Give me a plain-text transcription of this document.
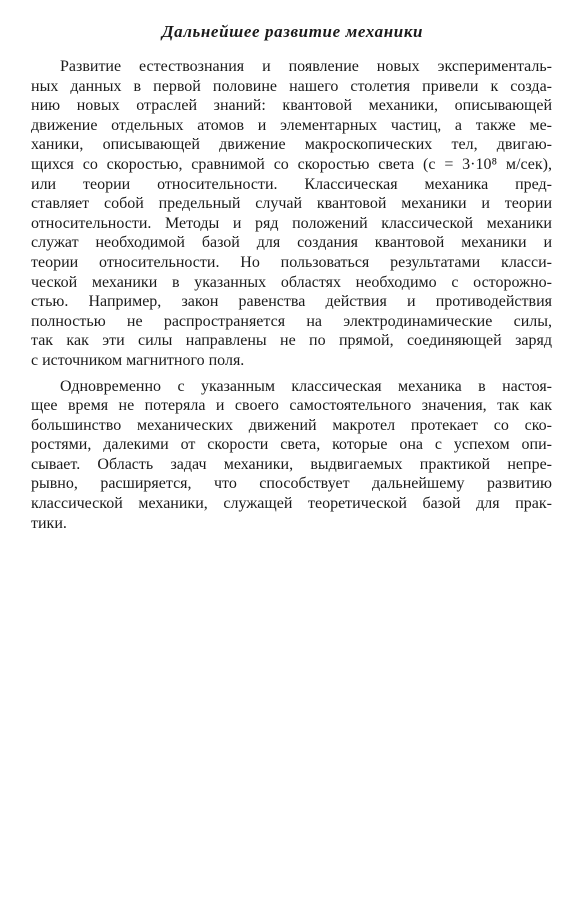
Дальнейшее развитие механики
Развитие естествознания и появление новых эксперименталь-
ных данных в первой половине нашего столетия привели к созда-
нию новых отраслей знаний: квантовой механики, описывающей
движение отдельных атомов и элементарных частиц, а также ме-
ханики, описывающей движение макроскопических тел, двигаю-
щихся со скоростью, сравнимой со скоростью света (c = 3·10⁸ м/сек),
или теории относительности. Классическая механика пред-
ставляет собой предельный случай квантовой механики и теории
относительности. Методы и ряд положений классической механики
служат необходимой базой для создания квантовой механики и
теории относительности. Но пользоваться результатами класси-
ческой механики в указанных областях необходимо с осторожно-
стью. Например, закон равенства действия и противодействия
полностью не распространяется на электродинамические силы,
так как эти силы направлены не по прямой, соединяющей заряд
с источником магнитного поля.
Одновременно с указанным классическая механика в настоя-
щее время не потеряла и своего самостоятельного значения, так как
большинство механических движений макротел протекает со ско-
ростями, далекими от скорости света, которые она с успехом опи-
сывает. Область задач механики, выдвигаемых практикой непре-
рывно, расширяется, что способствует дальнейшему развитию
классической механики, служащей теоретической базой для прак-
тики.
